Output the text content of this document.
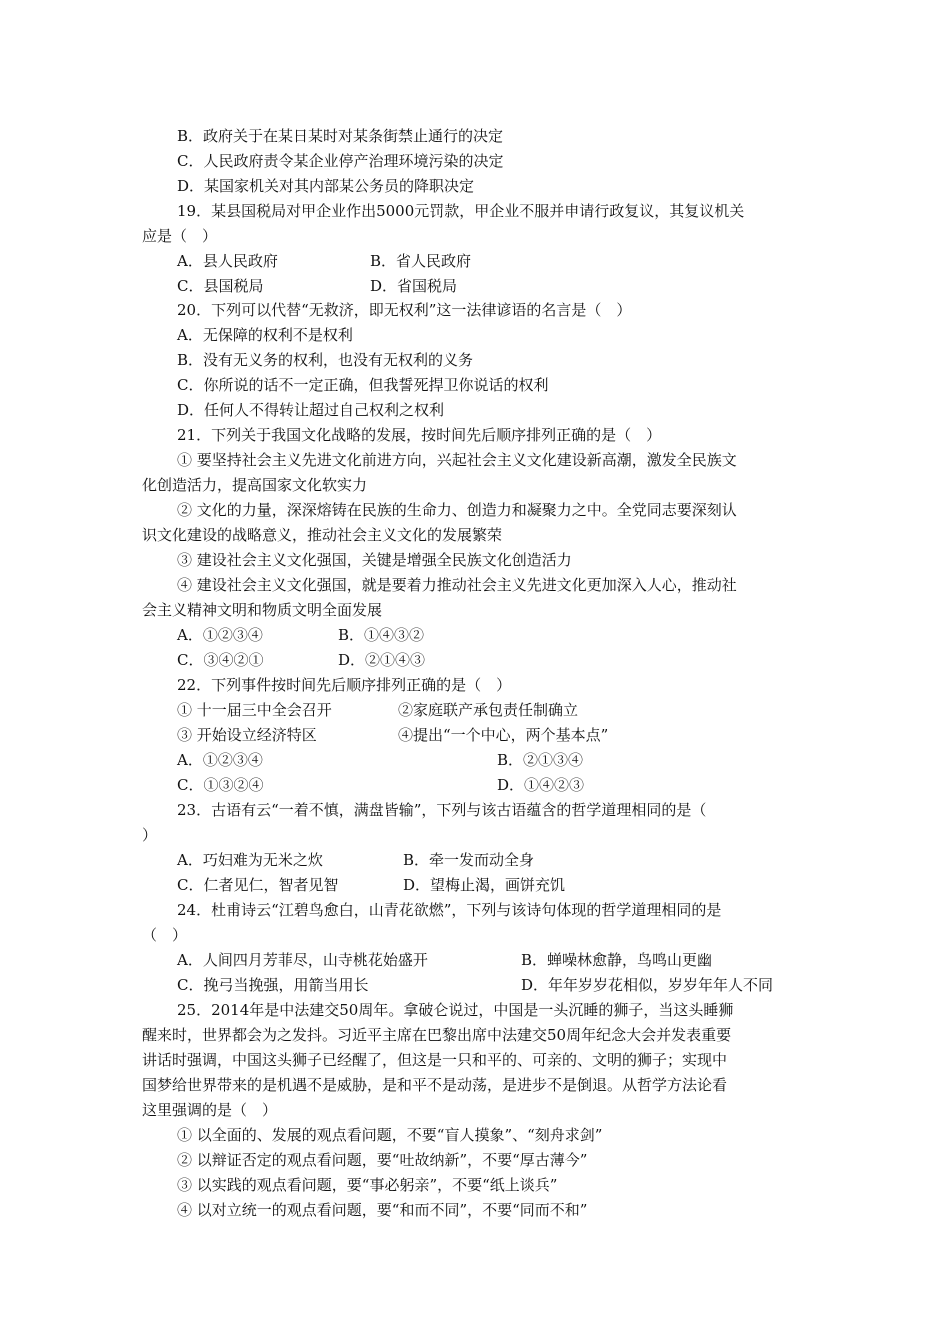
B．政府关于在某日某时对某条街禁止通行的决定
C．人民政府责令某企业停产治理环境污染的决定
D．某国家机关对其内部某公务员的降职决定
19．某县国税局对甲企业作出5000元罚款，甲企业不服并申请行政复议，其复议机关
应是（　）
A．县人民政府	B．省人民政府
C．县国税局	D．省国税局
20．下列可以代替“无救济，即无权利”这一法律谚语的名言是（　）
A．无保障的权利不是权利
B．没有无义务的权利，也没有无权利的义务
C．你所说的话不一定正确，但我誓死捍卫你说话的权利
D．任何人不得转让超过自己权利之权利
21．下列关于我国文化战略的发展，按时间先后顺序排列正确的是（　）
① 要坚持社会主义先进文化前进方向，兴起社会主义文化建设新高潮，激发全民族文
化创造活力，提高国家文化软实力
② 文化的力量，深深熔铸在民族的生命力、创造力和凝聚力之中。全党同志要深刻认
识文化建设的战略意义，推动社会主义文化的发展繁荣
③ 建设社会主义文化强国，关键是增强全民族文化创造活力
④ 建设社会主义文化强国，就是要着力推动社会主义先进文化更加深入人心，推动社
会主义精神文明和物质文明全面发展
A．①②③④	B．①④③②
C．③④②①	D．②①④③
22．下列事件按时间先后顺序排列正确的是（　）
① 十一届三中全会召开	②家庭联产承包责任制确立
③ 开始设立经济特区	④提出“一个中心，两个基本点”
A．①②③④	B．②①③④
C．①③②④	D．①④②③
23．古语有云“一着不慎，满盘皆输”，下列与该古语蕴含的哲学道理相同的是（
）
A．巧妇难为无米之炊	B．牵一发而动全身
C．仁者见仁，智者见智	D．望梅止渴，画饼充饥
24．杜甫诗云“江碧鸟愈白，山青花欲燃”，下列与该诗句体现的哲学道理相同的是
（　）
A．人间四月芳菲尽，山寺桃花始盛开	B．蝉噪林愈静，鸟鸣山更幽
C．挽弓当挽强，用箭当用长	D．年年岁岁花相似，岁岁年年人不同
25．2014年是中法建交50周年。拿破仑说过，中国是一头沉睡的狮子，当这头睡狮
醒来时，世界都会为之发抖。习近平主席在巴黎出席中法建交50周年纪念大会并发表重要
讲话时强调，中国这头狮子已经醒了，但这是一只和平的、可亲的、文明的狮子；实现中
国梦给世界带来的是机遇不是威胁，是和平不是动荡，是进步不是倒退。从哲学方法论看
这里强调的是（　）
① 以全面的、发展的观点看问题，不要“盲人摸象”、“刻舟求剑”
② 以辩证否定的观点看问题，要“吐故纳新”，不要“厚古薄今”
③ 以实践的观点看问题，要“事必躬亲”，不要“纸上谈兵”
④ 以对立统一的观点看问题，要“和而不同”，不要“同而不和”
